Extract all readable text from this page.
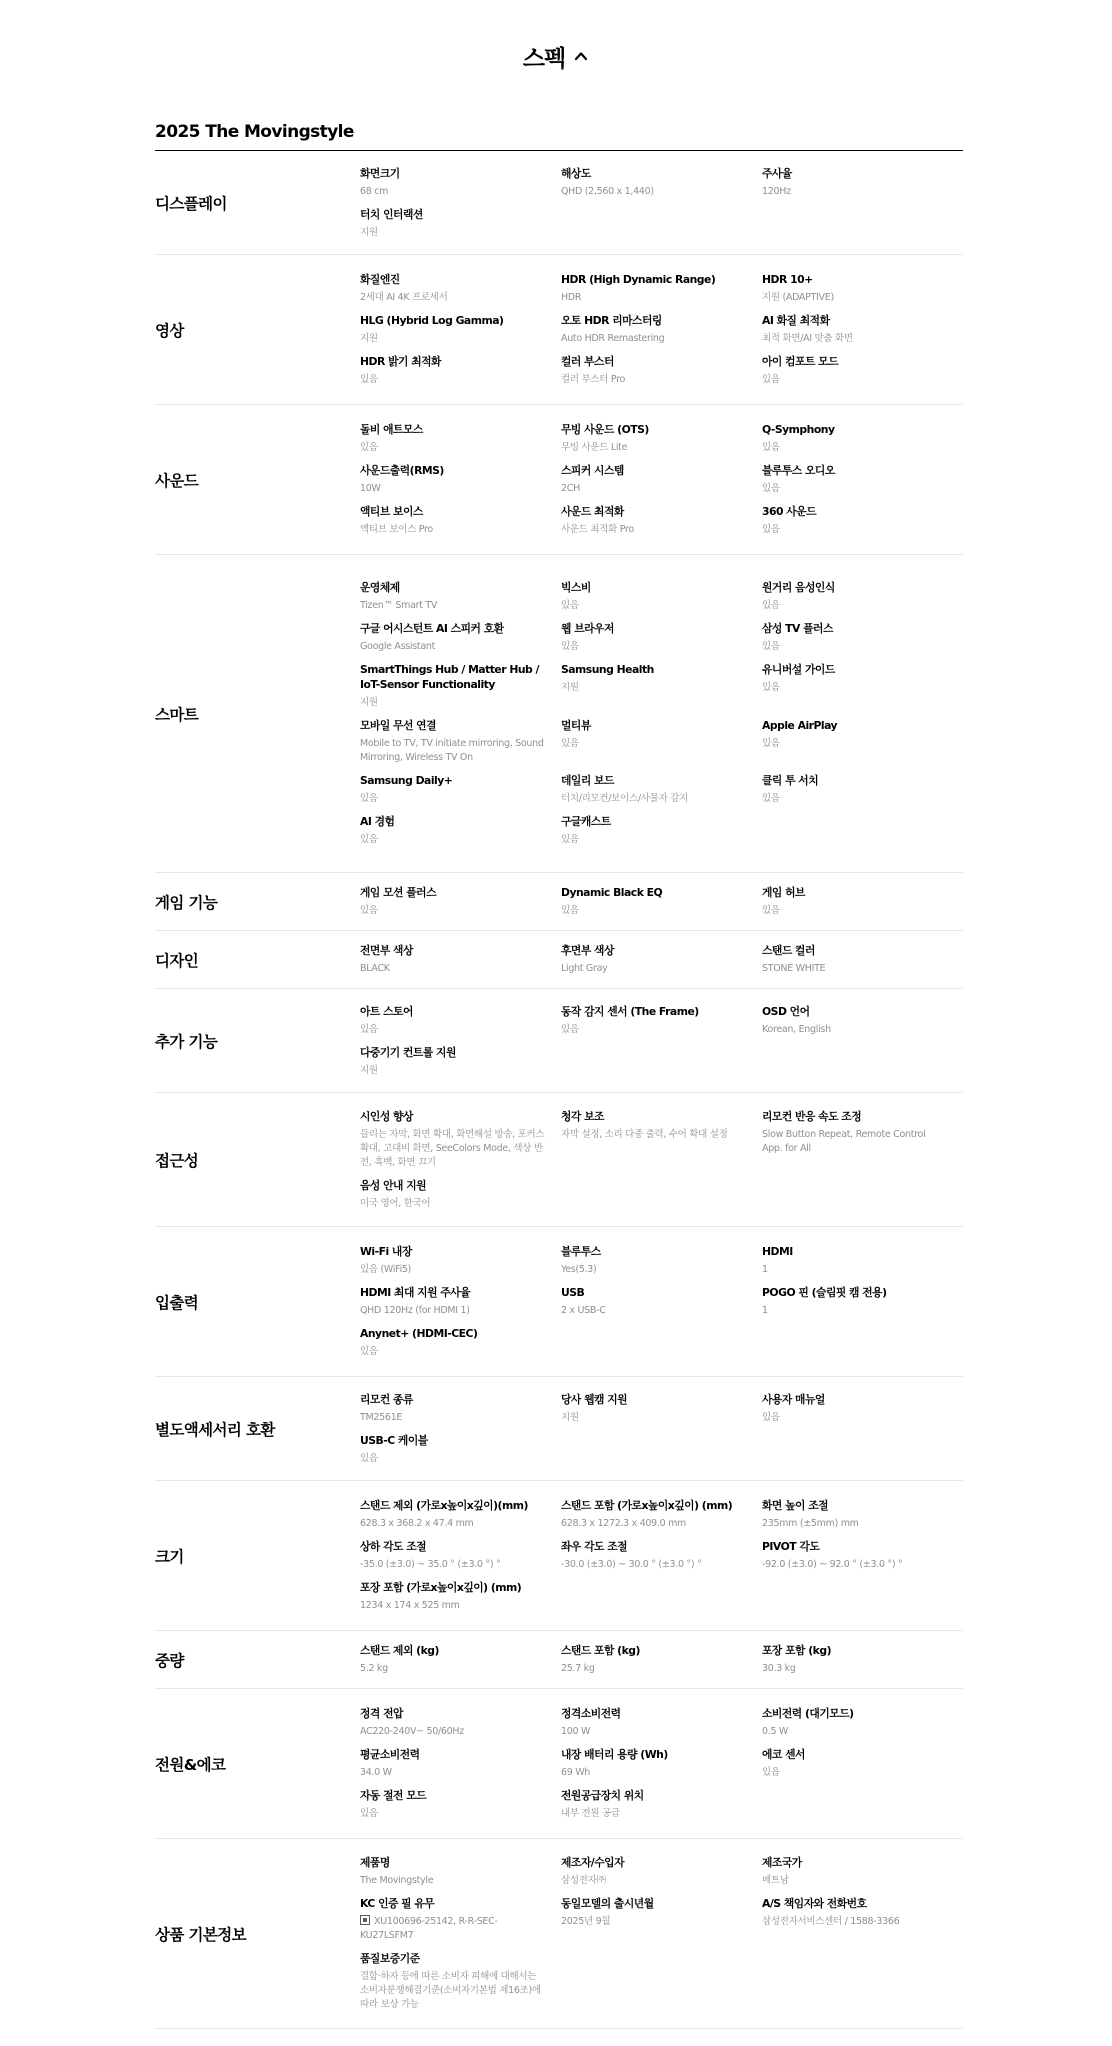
스펙
2025 The Movingstyle
디스플레이
화면크기
68 cm
해상도
QHD (2,560 x 1,440)
주사율
120Hz
터치 인터랙션
지원
영상
화질엔진
2세대 AI 4K 프로세서
HDR (High Dynamic Range)
HDR
HDR 10+
지원 (ADAPTIVE)
HLG (Hybrid Log Gamma)
지원
오토 HDR 리마스터링
Auto HDR Remastering
AI 화질 최적화
최적 화면/AI 맞춤 화면
HDR 밝기 최적화
있음
컬러 부스터
컬러 부스터 Pro
아이 컴포트 모드
있음
사운드
돌비 애트모스
있음
무빙 사운드 (OTS)
무빙 사운드 Lite
Q-Symphony
있음
사운드출력(RMS)
10W
스피커 시스템
2CH
블루투스 오디오
있음
액티브 보이스
액티브 보이스 Pro
사운드 최적화
사운드 최적화 Pro
360 사운드
있음
스마트
운영체제
Tizen™ Smart TV
빅스비
있음
원거리 음성인식
있음
구글 어시스턴트 AI 스피커 호환
Google Assistant
웹 브라우저
있음
삼성 TV 플러스
있음
SmartThings Hub / Matter Hub / IoT-Sensor Functionality
지원
Samsung Health
지원
유니버설 가이드
있음
모바일 무선 연결
Mobile to TV, TV initiate mirroring, Sound Mirroring, Wireless TV On
멀티뷰
있음
Apple AirPlay
있음
Samsung Daily+
있음
데일리 보드
터치/리모컨/보이스/사물자 감지
클릭 투 서치
있음
AI 경험
있음
구글캐스트
있음
게임 기능
게임 모션 플러스
있음
Dynamic Black EQ
있음
게임 허브
있음
디자인
전면부 색상
BLACK
후면부 색상
Light Gray
스탠드 컬러
STONE WHITE
추가 기능
아트 스토어
있음
동작 감지 센서 (The Frame)
있음
OSD 언어
Korean, English
다중기기 컨트롤 지원
지원
접근성
시인성 향상
들리는 자막, 화면 확대, 화면해설 방송, 포커스 확대, 고대비 화면, SeeColors Mode, 색상 반전, 흑백, 화면 끄기
청각 보조
자막 설정, 소리 다중 출력, 수어 확대 설정
리모컨 반응 속도 조정
Slow Button Repeat, Remote Control App. for All
음성 안내 지원
미국 영어, 한국어
입출력
Wi-Fi 내장
있음 (WiFi5)
블루투스
Yes(5.3)
HDMI
1
HDMI 최대 지원 주사율
QHD 120Hz (for HDMI 1)
USB
2 x USB-C
POGO 핀 (슬림핏 캠 전용)
1
Anynet+ (HDMI-CEC)
있음
별도액세서리 호환
리모컨 종류
TM2561E
당사 웹캠 지원
지원
사용자 매뉴얼
있음
USB-C 케이블
있음
크기
스탠드 제외 (가로x높이x깊이)(mm)
628.3 x 368.2 x 47.4 mm
스탠드 포함 (가로x높이x깊이) (mm)
628.3 x 1272.3 x 409.0 mm
화면 높이 조절
235mm (±5mm) mm
상하 각도 조절
-35.0 (±3.0) ~ 35.0 ° (±3.0 °) °
좌우 각도 조절
-30.0 (±3.0) ~ 30.0 ° (±3.0 °) °
PIVOT 각도
-92.0 (±3.0) ~ 92.0 ° (±3.0 °) °
포장 포함 (가로x높이x깊이) (mm)
1234 x 174 x 525 mm
중량
스탠드 제외 (kg)
5.2 kg
스탠드 포함 (kg)
25.7 kg
포장 포함 (kg)
30.3 kg
전원&에코
정격 전압
AC220-240V~ 50/60Hz
정격소비전력
100 W
소비전력 (대기모드)
0.5 W
평균소비전력
34.0 W
내장 배터리 용량 (Wh)
69 Wh
에코 센서
있음
자동 절전 모드
있음
전원공급장치 위치
내부 전원 공급
상품 기본정보
제품명
The Movingstyle
제조자/수입자
삼성전자㈜
제조국가
베트남
KC 인증 필 유무
XU100696-25142, R-R-SEC-KU27LSFM7
동일모델의 출시년월
2025년 9월
A/S 책임자와 전화번호
삼성전자서비스센터 / 1588-3366
품질보증기준
결함·하자 등에 따른 소비자 피해에 대해서는 소비자분쟁해결기준(소비자기본법 제16조)에 따라 보상 가능
